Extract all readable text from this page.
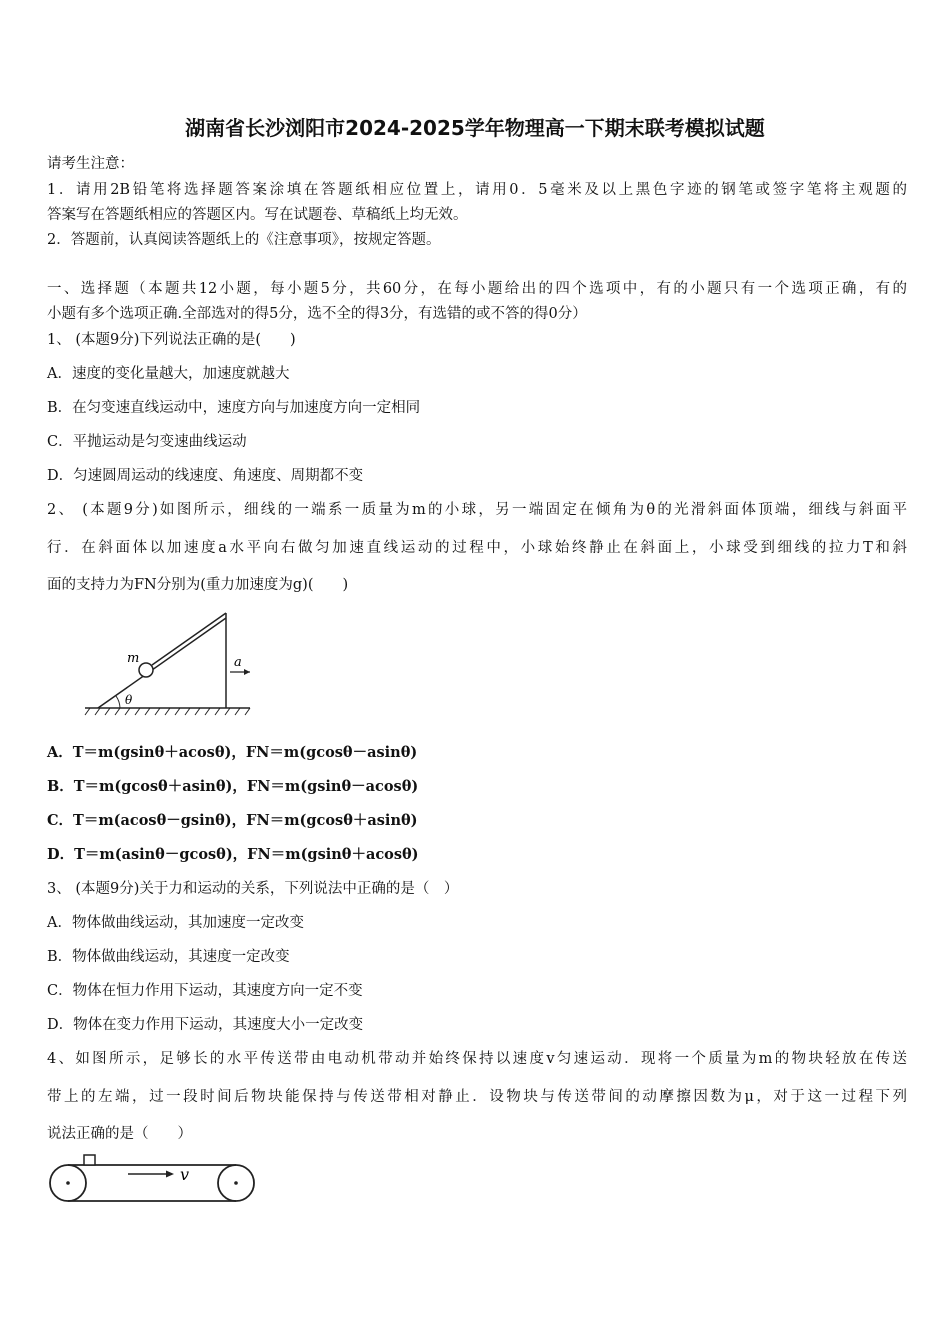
湖南省长沙浏阳市2024-2025学年物理高一下期末联考模拟试题
请考生注意：
1．请用2B铅笔将选择题答案涂填在答题纸相应位置上，请用0．5毫米及以上黑色字迹的钢笔或签字笔将主观题的
答案写在答题纸相应的答题区内。写在试题卷、草稿纸上均无效。
2．答题前，认真阅读答题纸上的《注意事项》，按规定答题。
一、选择题（本题共12小题，每小题5分，共60分，在每小题给出的四个选项中，有的小题只有一个选项正确，有的
小题有多个选项正确.全部选对的得5分，选不全的得3分，有选错的或不答的得0分）
1、 (本题9分)下列说法正确的是(　　)
A．速度的变化量越大，加速度就越大
B．在匀变速直线运动中，速度方向与加速度方向一定相同
C．平抛运动是匀变速曲线运动
D．匀速圆周运动的线速度、角速度、周期都不变
2、 (本题9分)如图所示，细线的一端系一质量为m的小球，另一端固定在倾角为θ的光滑斜面体顶端，细线与斜面平
行．在斜面体以加速度a水平向右做匀加速直线运动的过程中，小球始终静止在斜面上，小球受到细线的拉力T和斜
面的支持力为FN分别为(重力加速度为g)(　　)
m
θ
a
A．T＝m(gsinθ＋acosθ)，FN＝m(gcosθ－asinθ)
B．T＝m(gcosθ＋asinθ)，FN＝m(gsinθ－acosθ)
C．T＝m(acosθ－gsinθ)，FN＝m(gcosθ＋asinθ)
D．T＝m(asinθ－gcosθ)，FN＝m(gsinθ＋acosθ)
3、 (本题9分)关于力和运动的关系，下列说法中正确的是（　）
A．物体做曲线运动，其加速度一定改变
B．物体做曲线运动，其速度一定改变
C．物体在恒力作用下运动，其速度方向一定不变
D．物体在变力作用下运动，其速度大小一定改变
4、如图所示，足够长的水平传送带由电动机带动并始终保持以速度v匀速运动．现将一个质量为m的物块轻放在传送
带上的左端，过一段时间后物块能保持与传送带相对静止．设物块与传送带间的动摩擦因数为μ，对于这一过程下列
说法正确的是（　　）
v
